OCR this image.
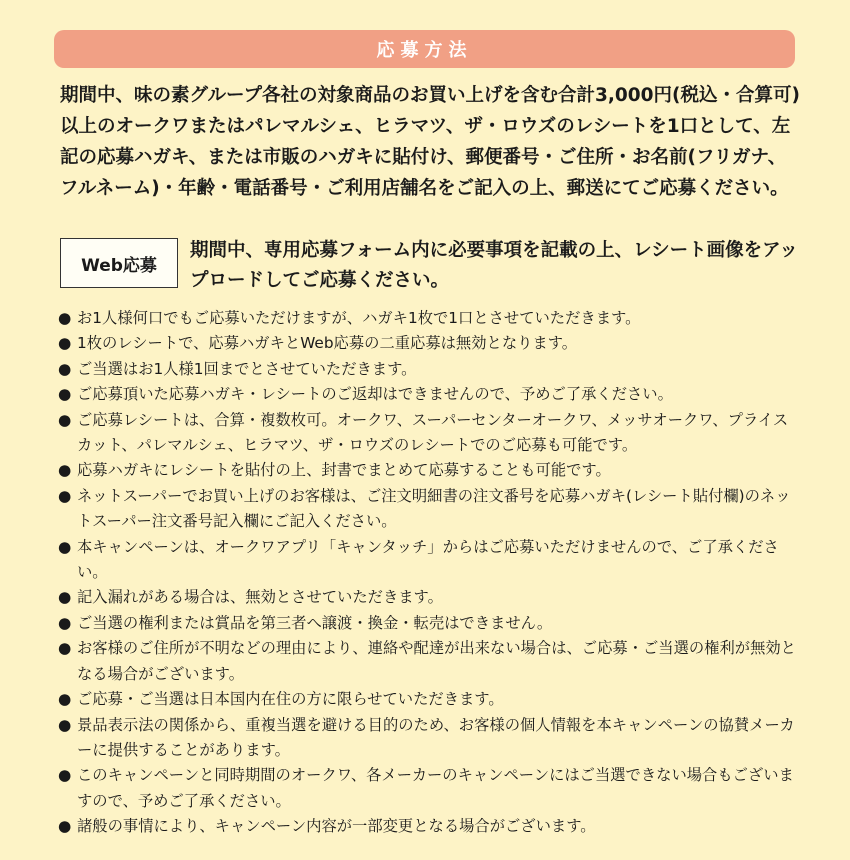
応募方法

期間中、味の素グループ各社の対象商品のお買い上げを含む合計3,000円(税込・合算可)以上のオークワまたはパレマルシェ、ヒラマツ、ザ・ロウズのレシートを1口として、左記の応募ハガキ、または市販のハガキに貼付け、郵便番号・ご住所・お名前(フリガナ、フルネーム)・年齢・電話番号・ご利用店舗名をご記入の上、郵送にてご応募ください。

Web応募
期間中、専用応募フォーム内に必要事項を記載の上、レシート画像をアップロードしてご応募ください。
● お1人様何口でもご応募いただけますが、ハガキ1枚で1口とさせていただきます。
● 1枚のレシートで、応募ハガキとWeb応募の二重応募は無効となります。
● ご当選はお1人様1回までとさせていただきます。
● ご応募頂いた応募ハガキ・レシートのご返却はできませんので、予めご了承ください。
● ご応募レシートは、合算・複数枚可。オークワ、スーパーセンターオークワ、メッサオークワ、プライスカット、パレマルシェ、ヒラマツ、ザ・ロウズのレシートでのご応募も可能です。
● 応募ハガキにレシートを貼付の上、封書でまとめて応募することも可能です。
● ネットスーパーでお買い上げのお客様は、ご注文明細書の注文番号を応募ハガキ(レシート貼付欄)のネットスーパー注文番号記入欄にご記入ください。
● 本キャンペーンは、オークワアプリ「キャンタッチ」からはご応募いただけませんので、ご了承ください。
● 記入漏れがある場合は、無効とさせていただきます。
● ご当選の権利または賞品を第三者へ譲渡・換金・転売はできません。
● お客様のご住所が不明などの理由により、連絡や配達が出来ない場合は、ご応募・ご当選の権利が無効となる場合がございます。
● ご応募・ご当選は日本国内在住の方に限らせていただきます。
● 景品表示法の関係から、重複当選を避ける目的のため、お客様の個人情報を本キャンペーンの協賛メーカーに提供することがあります。
● このキャンペーンと同時期間のオークワ、各メーカーのキャンペーンにはご当選できない場合もございますので、予めご了承ください。
● 諸般の事情により、キャンペーン内容が一部変更となる場合がございます。
